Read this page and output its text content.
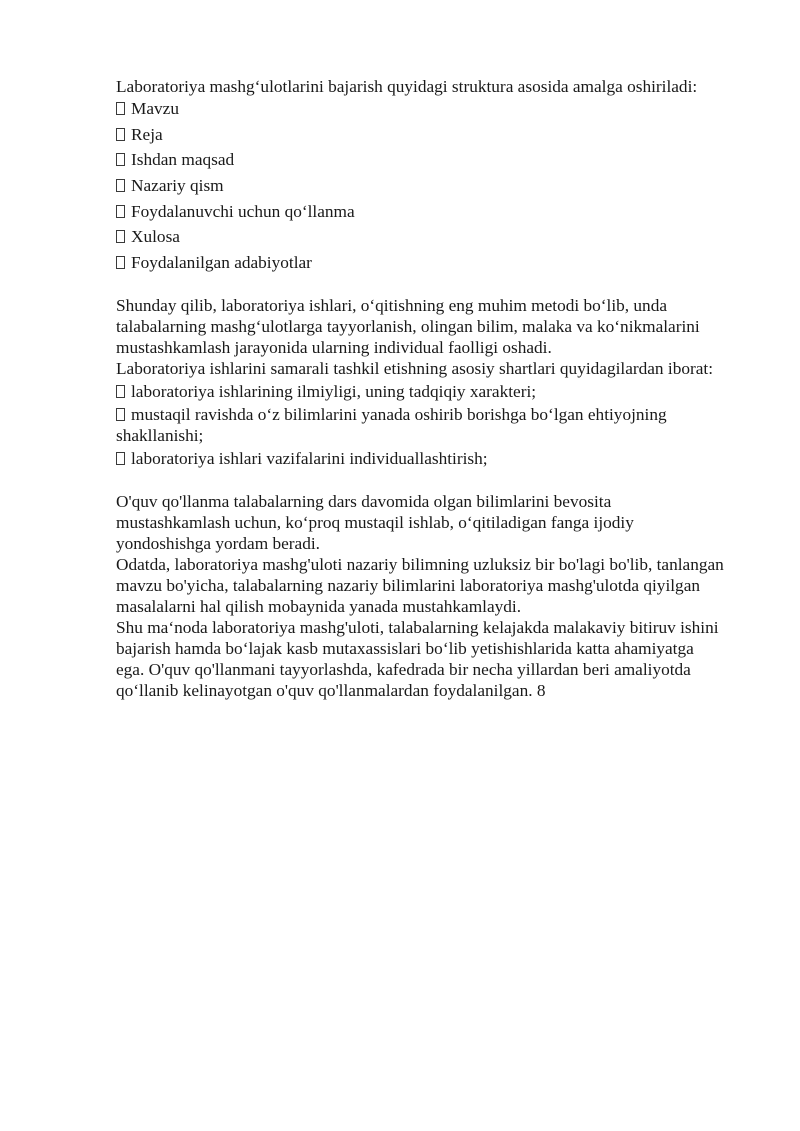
Laboratoriya mashg‘ulotlarini bajarish quyidagi struktura asosida amalga oshiriladi:

Mavzu
Reja
Ishdan maqsad
Nazariy qism
Foydalanuvchi uchun qo‘llanma
Xulosa
Foydalanilgan adabiyotlar

Shunday qilib, laboratoriya ishlari, o‘qitishning eng muhim metodi bo‘lib, unda talabalarning mashg‘ulotlarga tayyorlanish, olingan bilim, malaka va ko‘nikmalarini mustashkamlash jarayonida ularning individual faolligi oshadi.

Laboratoriya ishlarini samarali tashkil etishning asosiy shartlari quyidagilardan iborat:

laboratoriya ishlarining ilmiyligi, uning tadqiqiy xarakteri;
mustaqil ravishda o‘z bilimlarini yanada oshirib borishga bo‘lgan ehtiyojning shakllanishi;
laboratoriya ishlari vazifalarini individuallashtirish;

O'quv qo'llanma talabalarning dars davomida olgan bilimlarini bevosita mustashkamlash uchun, ko‘proq mustaqil ishlab, o‘qitiladigan fanga ijodiy yondoshishga yordam beradi.

Odatda, laboratoriya mashg'uloti nazariy bilimning uzluksiz bir bo'lagi bo'lib, tanlangan mavzu bo'yicha, talabalarning nazariy bilimlarini laboratoriya mashg'ulotda qiyilgan masalalarni hal qilish mobaynida yanada mustahkamlaydi.

Shu ma‘noda laboratoriya mashg'uloti, talabalarning kelajakda malakaviy bitiruv ishini bajarish hamda bo‘lajak kasb mutaxassislari bo‘lib yetishishlarida katta ahamiyatga ega. O'quv qo'llanmani tayyorlashda, kafedrada bir necha yillardan beri amaliyotda qo‘llanib kelinayotgan o'quv qo'llanmalardan foydalanilgan. 8
